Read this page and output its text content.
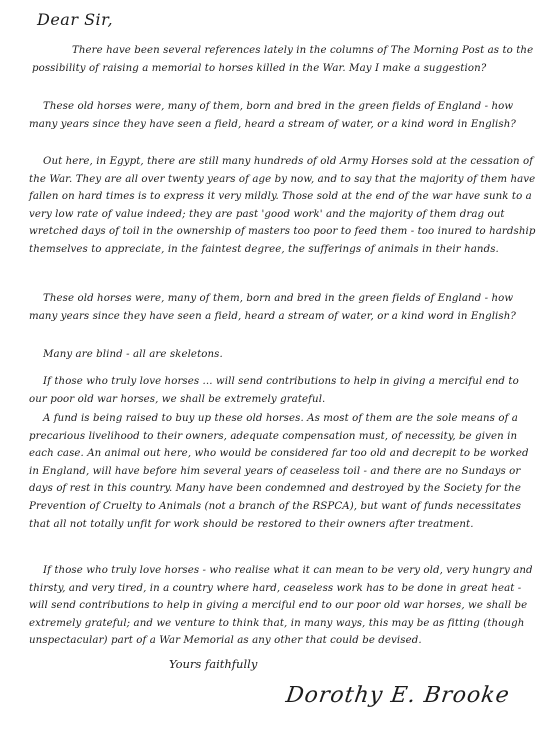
Dear Sir,

There have been several references lately in the columns of The Morning Post as to the possibility of raising a memorial to horses killed in the War. May I make a suggestion?

These old horses were, many of them, born and bred in the green fields of England - how many years since they have seen a field, heard a stream of water, or a kind word in English?

Out here, in Egypt, there are still many hundreds of old Army Horses sold at the cessation of the War. They are all over twenty years of age by now, and to say that the majority of them have fallen on hard times is to express it very mildly. Those sold at the end of the war have sunk to a very low rate of value indeed; they are past 'good work' and the majority of them drag out wretched days of toil in the ownership of masters too poor to feed them - too inured to hardship themselves to appreciate, in the faintest degree, the sufferings of animals in their hands.

These old horses were, many of them, born and bred in the green fields of England - how many years since they have seen a field, heard a stream of water, or a kind word in English?

Many are blind - all are skeletons.

If those who truly love horses ... will send contributions to help in giving a merciful end to our poor old war horses, we shall be extremely grateful.

A fund is being raised to buy up these old horses. As most of them are the sole means of a precarious livelihood to their owners, adequate compensation must, of necessity, be given in each case. An animal out here, who would be considered far too old and decrepit to be worked in England, will have before him several years of ceaseless toil - and there are no Sundays or days of rest in this country. Many have been condemned and destroyed by the Society for the Prevention of Cruelty to Animals (not a branch of the RSPCA), but want of funds necessitates that all not totally unfit for work should be restored to their owners after treatment.

If those who truly love horses - who realise what it can mean to be very old, very hungry and thirsty, and very tired, in a country where hard, ceaseless work has to be done in great heat - will send contributions to help in giving a merciful end to our poor old war horses, we shall be extremely grateful; and we venture to think that, in many ways, this may be as fitting (though unspectacular) part of a War Memorial as any other that could be devised.

Yours faithfully
Dorothy E. Brooke
